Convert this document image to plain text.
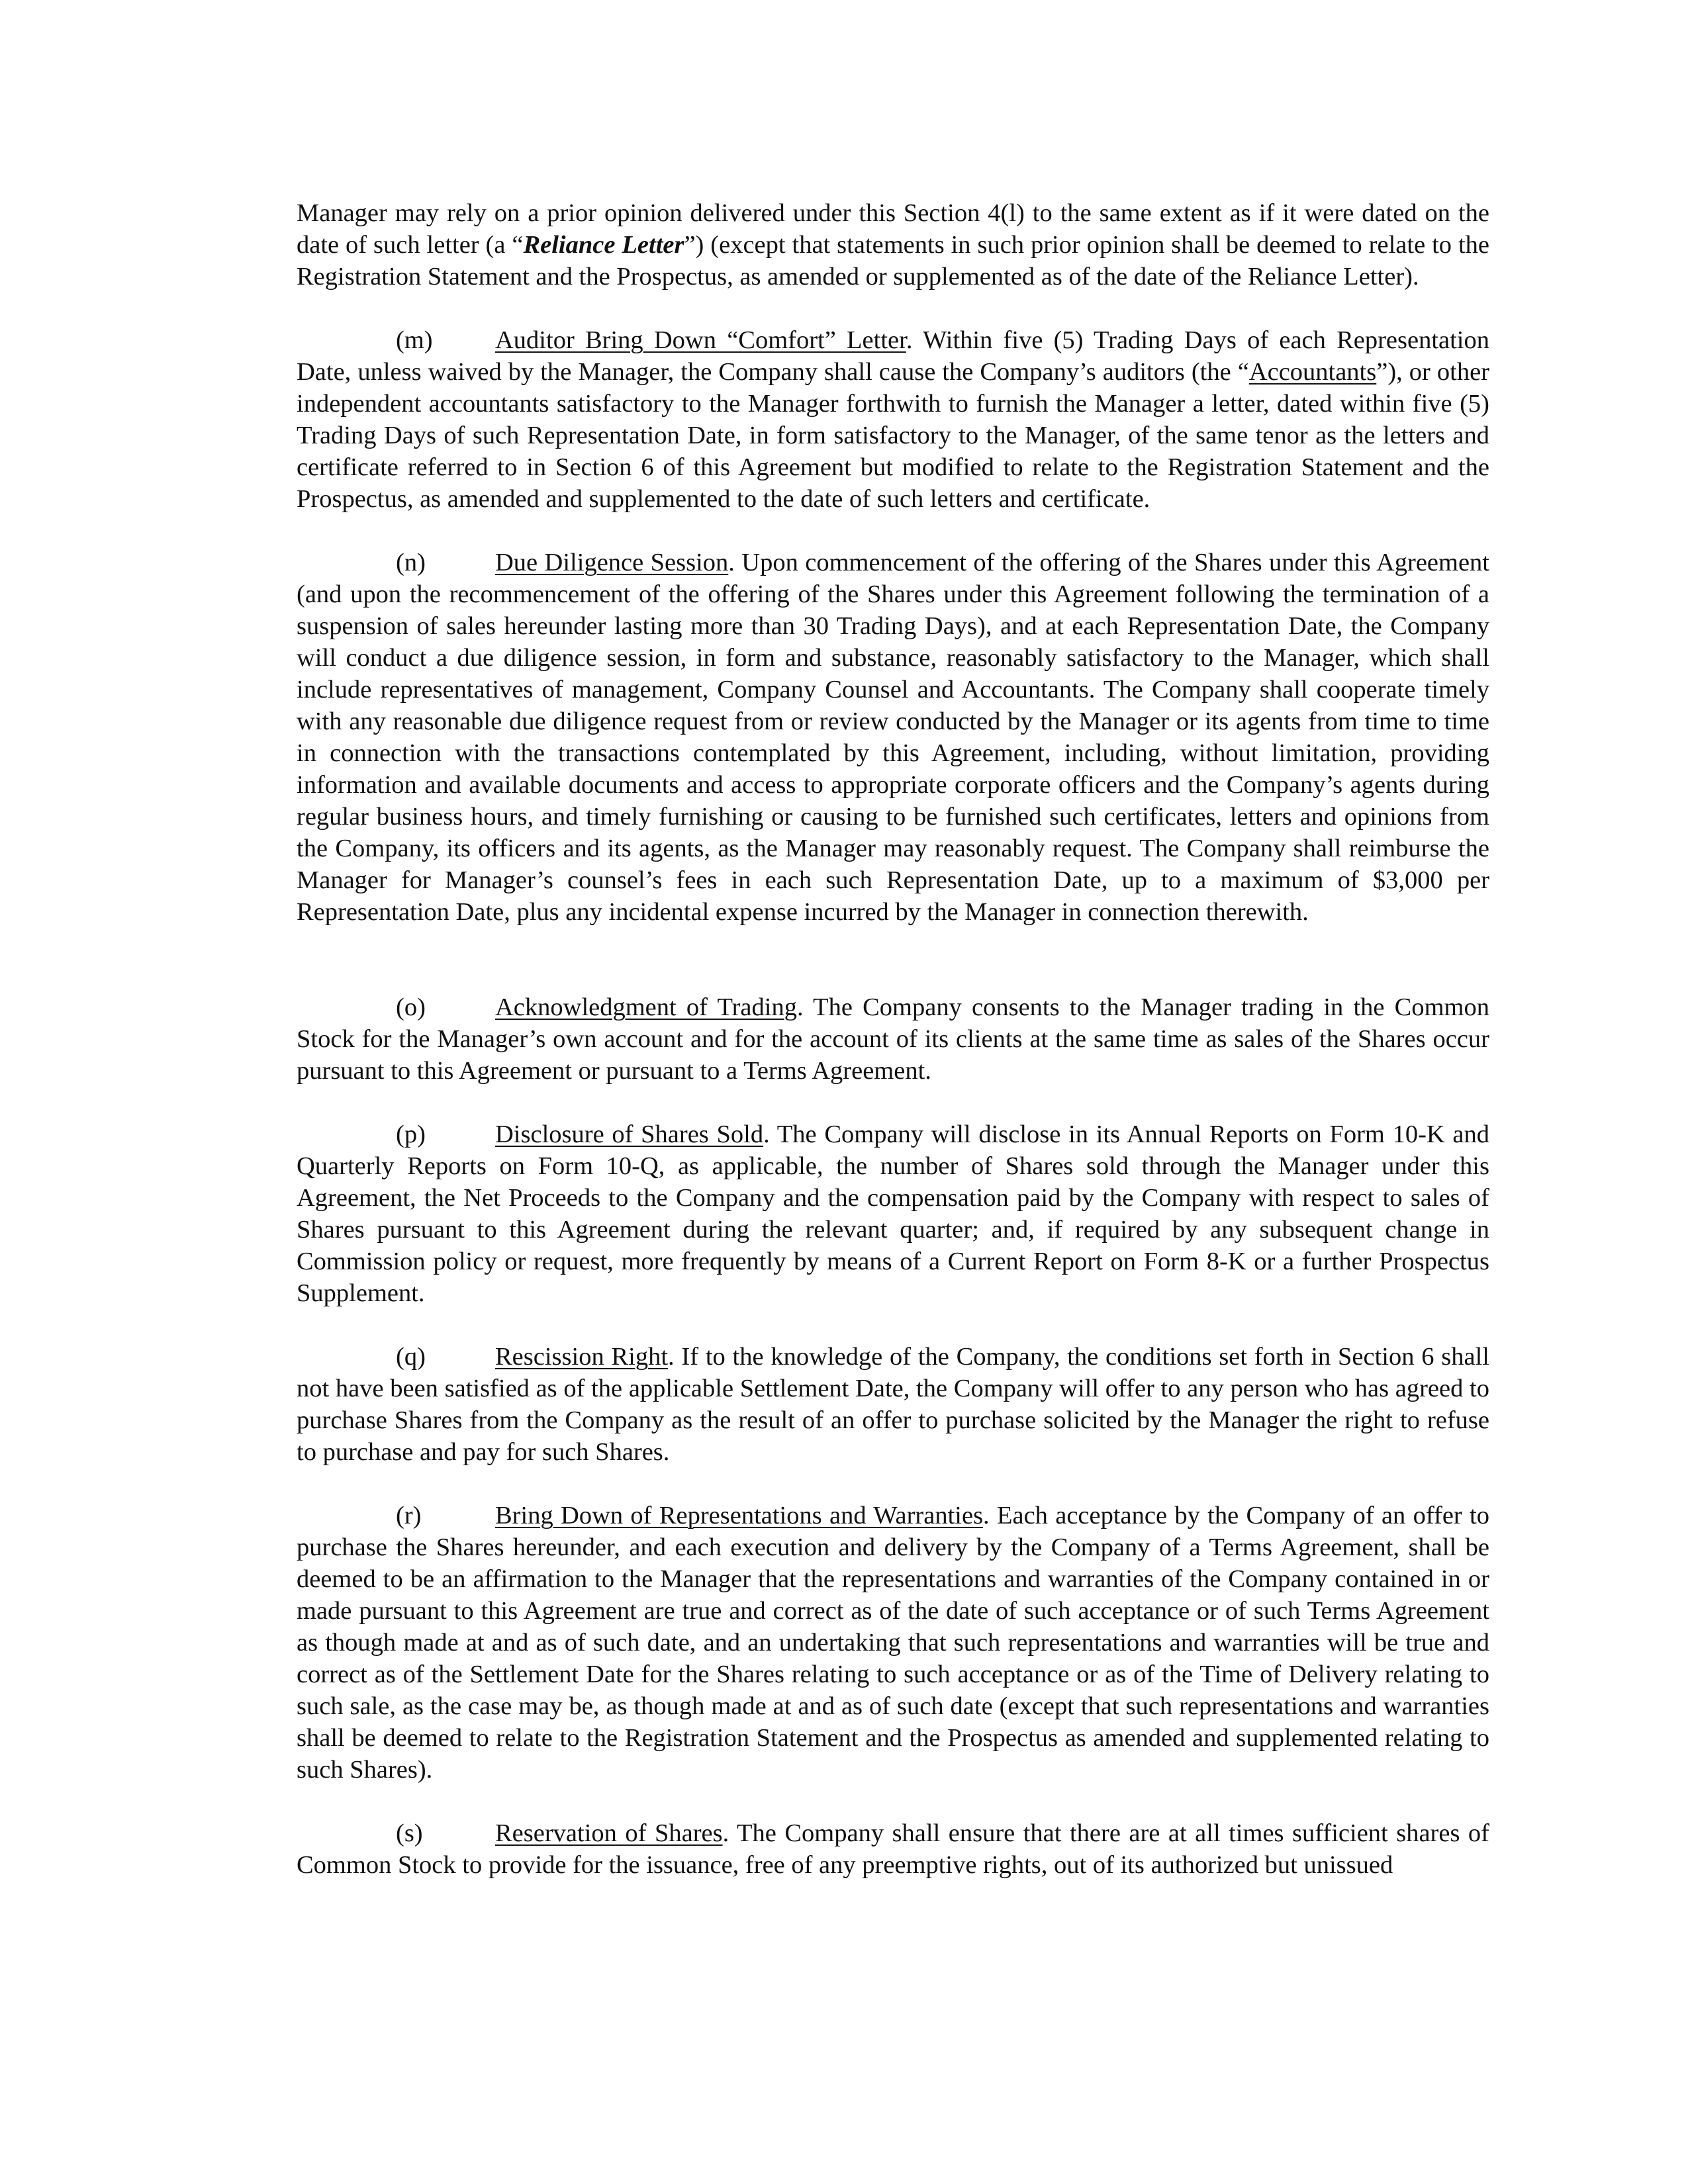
Manager may rely on a prior opinion delivered under this Section 4(l) to the same extent as if it were dated on the date of such letter (a “Reliance Letter”) (except that statements in such prior opinion shall be deemed to relate to the Registration Statement and the Prospectus, as amended or supplemented as of the date of the Reliance Letter).

(m) Auditor Bring Down “Comfort” Letter. Within five (5) Trading Days of each Representation Date, unless waived by the Manager, the Company shall cause the Company’s auditors (the “Accountants”), or other independent accountants satisfactory to the Manager forthwith to furnish the Manager a letter, dated within five (5) Trading Days of such Representation Date, in form satisfactory to the Manager, of the same tenor as the letters and certificate referred to in Section 6 of this Agreement but modified to relate to the Registration Statement and the Prospectus, as amended and supplemented to the date of such letters and certificate.

(n)	Due Diligence Session. Upon commencement of the offering of the Shares under this Agreement (and upon the recommencement of the offering of the Shares under this Agreement following the termination of a suspension of sales hereunder lasting more than 30 Trading Days), and at each Representation Date, the Company will conduct a due diligence session, in form and substance, reasonably satisfactory to the Manager, which shall include representatives of management, Company Counsel and Accountants. The Company shall cooperate timely with any reasonable due diligence request from or review conducted by the Manager or its agents from time to time in connection with the transactions contemplated by this Agreement, including, without limitation, providing information and available documents and access to appropriate corporate officers and the Company’s agents during regular business hours, and timely furnishing or causing to be furnished such certificates, letters and opinions from the Company, its officers and its agents, as the Manager may reasonably request. The Company shall reimburse the Manager for Manager’s counsel’s fees in each such Representation Date, up to a maximum of $3,000 per Representation Date, plus any incidental expense incurred by the Manager in connection therewith.

(o)	Acknowledgment of Trading. The Company consents to the Manager trading in the Common Stock for the Manager’s own account and for the account of its clients at the same time as sales of the Shares occur pursuant to this Agreement or pursuant to a Terms Agreement.

(p)	Disclosure of Shares Sold. The Company will disclose in its Annual Reports on Form 10-K and Quarterly Reports on Form 10-Q, as applicable, the number of Shares sold through the Manager under this Agreement, the Net Proceeds to the Company and the compensation paid by the Company with respect to sales of Shares pursuant to this Agreement during the relevant quarter; and, if required by any subsequent change in Commission policy or request, more frequently by means of a Current Report on Form 8-K or a further Prospectus Supplement.

(q)	Rescission Right. If to the knowledge of the Company, the conditions set forth in Section 6 shall not have been satisfied as of the applicable Settlement Date, the Company will offer to any person who has agreed to purchase Shares from the Company as the result of an offer to purchase solicited by the Manager the right to refuse to purchase and pay for such Shares.

(r)	Bring Down of Representations and Warranties. Each acceptance by the Company of an offer to purchase the Shares hereunder, and each execution and delivery by the Company of a Terms Agreement, shall be deemed to be an affirmation to the Manager that the representations and warranties of the Company contained in or made pursuant to this Agreement are true and correct as of the date of such acceptance or of such Terms Agreement as though made at and as of such date, and an undertaking that such representations and warranties will be true and correct as of the Settlement Date for the Shares relating to such acceptance or as of the Time of Delivery relating to such sale, as the case may be, as though made at and as of such date (except that such representations and warranties shall be deemed to relate to the Registration Statement and the Prospectus as amended and supplemented relating to such Shares).

(s)	Reservation of Shares. The Company shall ensure that there are at all times sufficient shares of Common Stock to provide for the issuance, free of any preemptive rights, out of its authorized but unissued
